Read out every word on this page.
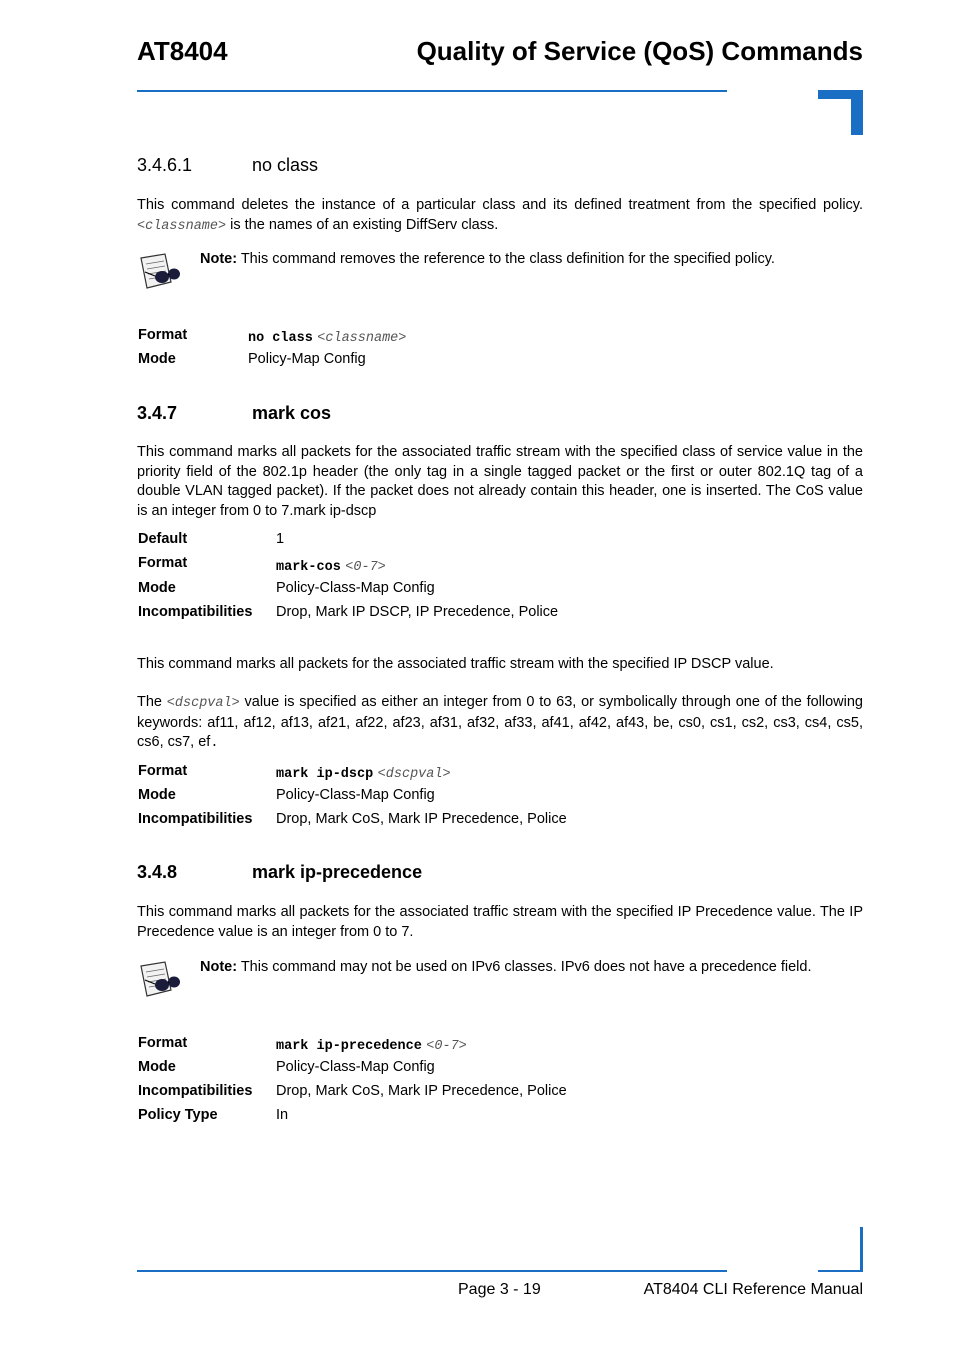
AT8404	Quality of Service (QoS) Commands
3.4.6.1	no class
This command deletes the instance of a particular class and its defined treatment from the specified policy. <classname> is the names of an existing DiffServ class.
Note: This command removes the reference to the class definition for the specified policy.
Format	no class <classname>
Mode	Policy-Map Config
3.4.7	mark cos
This command marks all packets for the associated traffic stream with the specified class of service value in the priority field of the 802.1p header (the only tag in a single tagged packet or the first or outer 802.1Q tag of a double VLAN tagged packet). If the packet does not already contain this header, one is inserted. The CoS value is an integer from 0 to 7.mark ip-dscp
Default	1
Format	mark-cos <0-7>
Mode	Policy-Class-Map Config
Incompatibilities Drop, Mark IP DSCP, IP Precedence, Police
This command marks all packets for the associated traffic stream with the specified IP DSCP value.
The <dscpval> value is specified as either an integer from 0 to 63, or symbolically through one of the following keywords: af11, af12, af13, af21, af22, af23, af31, af32, af33, af41, af42, af43, be, cs0, cs1, cs2, cs3, cs4, cs5, cs6, cs7, ef.
Format	mark ip-dscp <dscpval>
Mode	Policy-Class-Map Config
Incompatibilities Drop, Mark CoS, Mark IP Precedence, Police
3.4.8	mark ip-precedence
This command marks all packets for the associated traffic stream with the specified IP Precedence value. The IP Precedence value is an integer from 0 to 7.
Note: This command may not be used on IPv6 classes. IPv6 does not have a precedence field.
Format	mark ip-precedence <0-7>
Mode	Policy-Class-Map Config
Incompatibilities Drop, Mark CoS, Mark IP Precedence, Police
Policy Type	In
Page 3 - 19	AT8404 CLI Reference Manual
